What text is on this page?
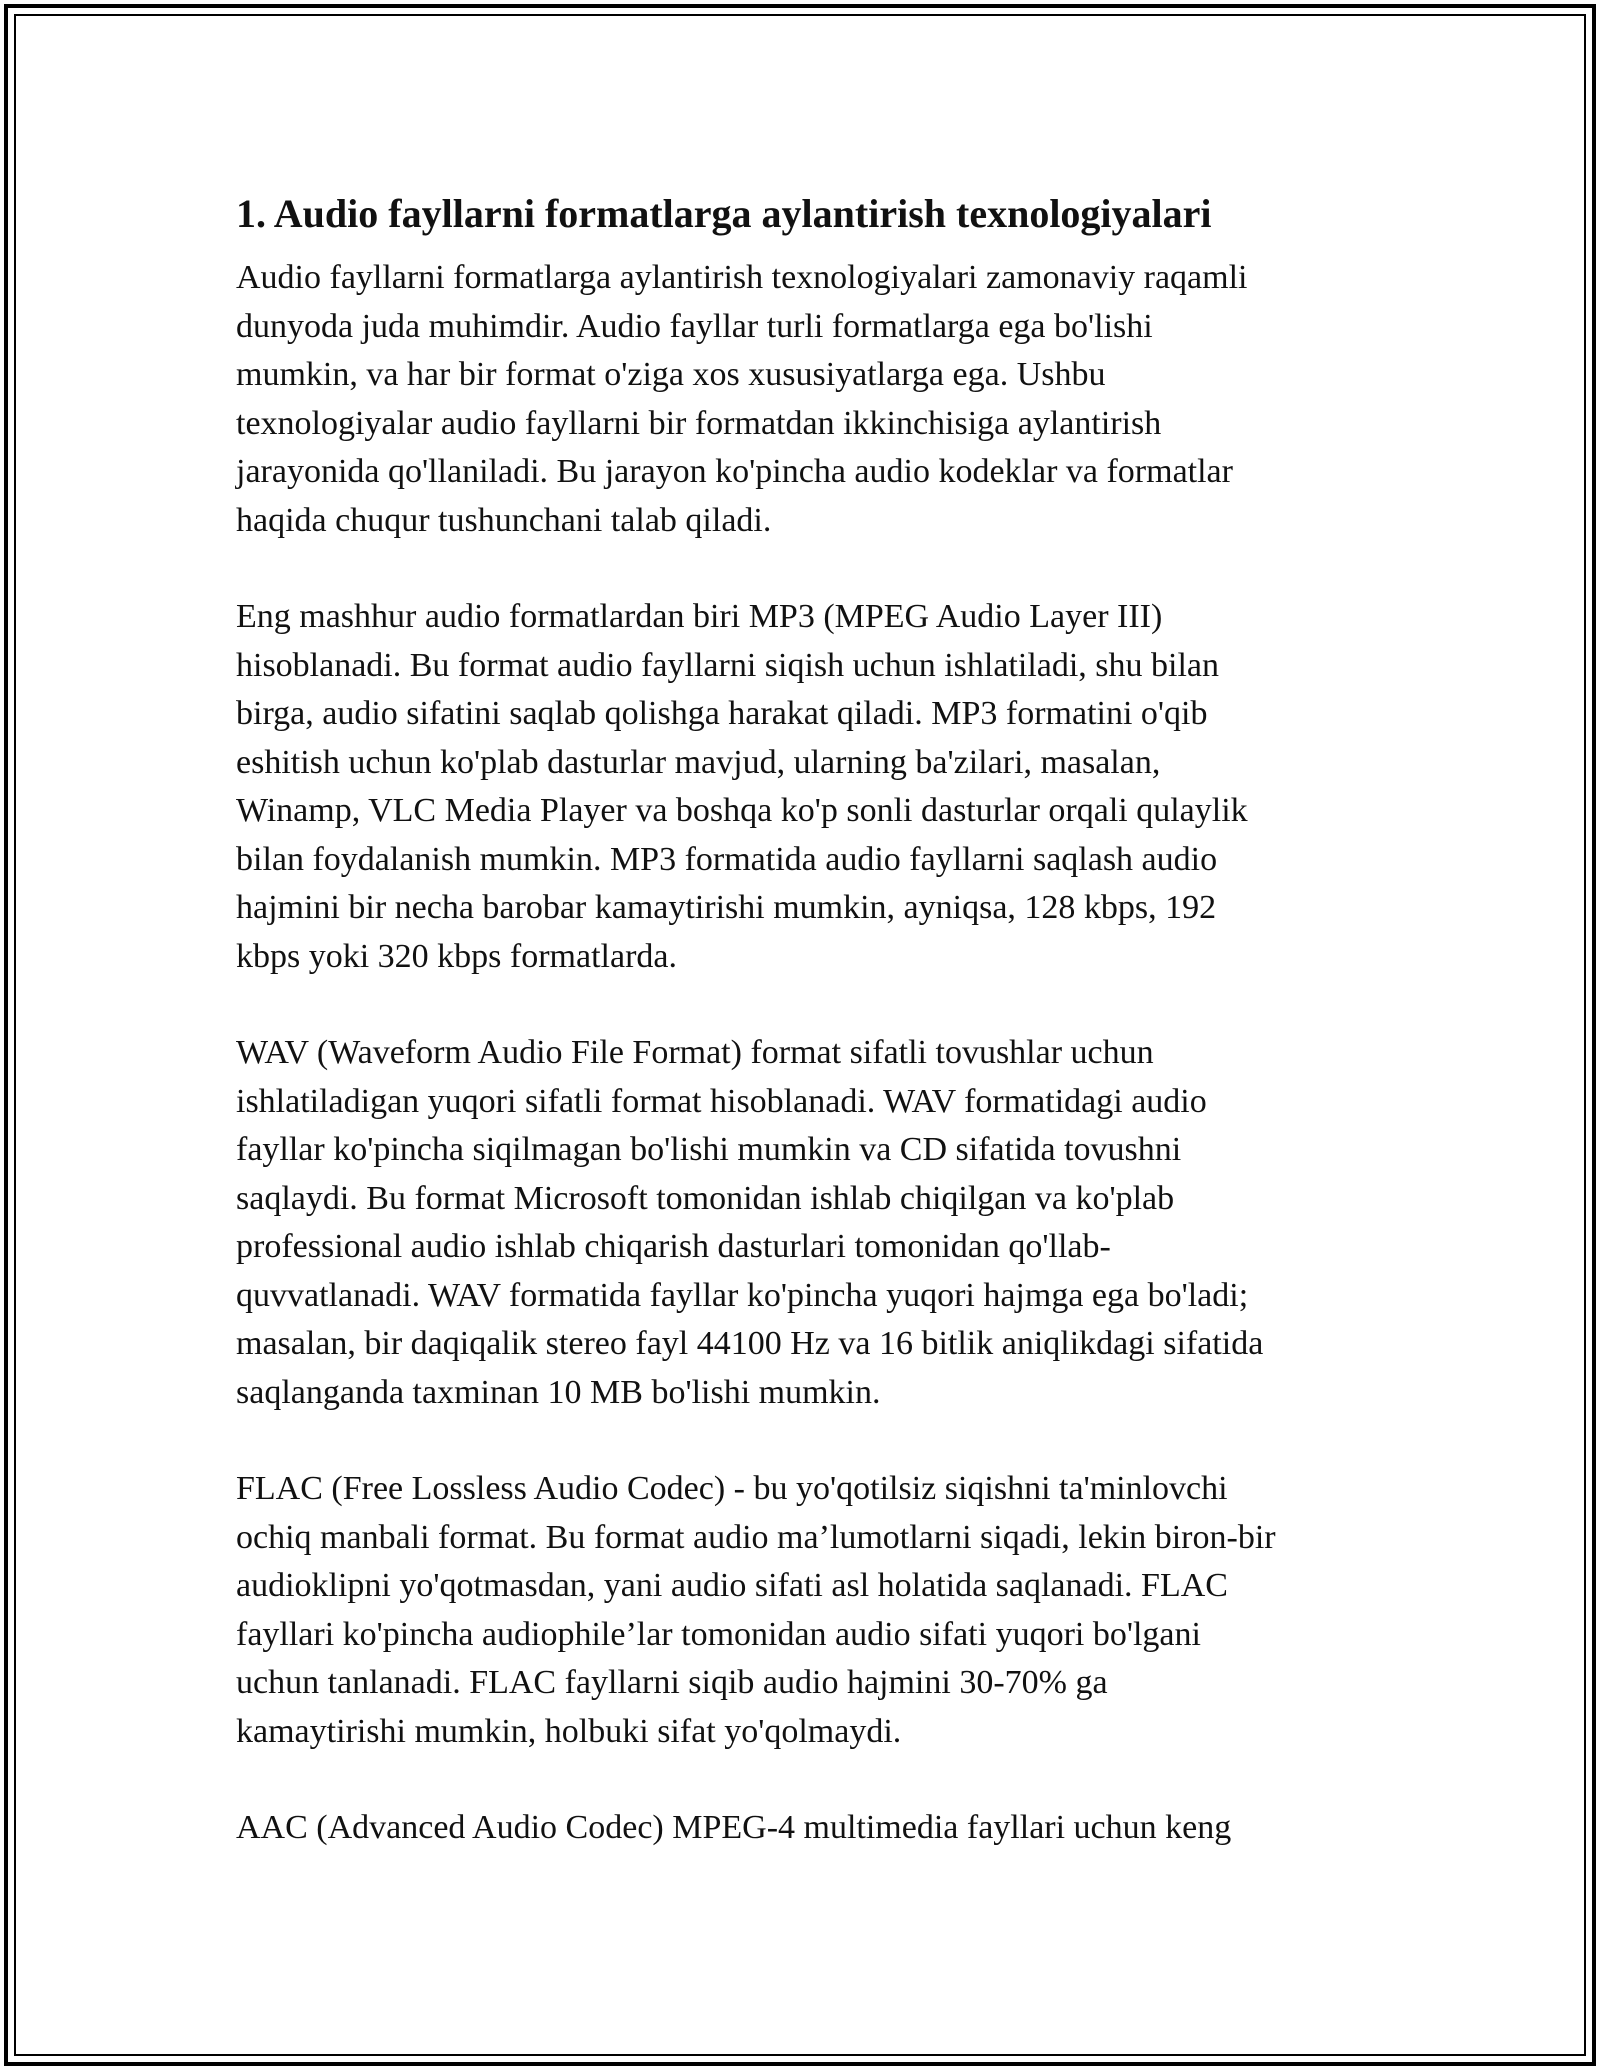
1. Audio fayllarni formatlarga aylantirish texnologiyalari

Audio fayllarni formatlarga aylantirish texnologiyalari zamonaviy raqamli
dunyoda juda muhimdir. Audio fayllar turli formatlarga ega bo'lishi
mumkin, va har bir format o'ziga xos xususiyatlarga ega. Ushbu
texnologiyalar audio fayllarni bir formatdan ikkinchisiga aylantirish
jarayonida qo'llaniladi. Bu jarayon ko'pincha audio kodeklar va formatlar
haqida chuqur tushunchani talab qiladi.

Eng mashhur audio formatlardan biri MP3 (MPEG Audio Layer III)
hisoblanadi. Bu format audio fayllarni siqish uchun ishlatiladi, shu bilan
birga, audio sifatini saqlab qolishga harakat qiladi. MP3 formatini o'qib
eshitish uchun ko'plab dasturlar mavjud, ularning ba'zilari, masalan,
Winamp, VLC Media Player va boshqa ko'p sonli dasturlar orqali qulaylik
bilan foydalanish mumkin. MP3 formatida audio fayllarni saqlash audio
hajmini bir necha barobar kamaytirishi mumkin, ayniqsa, 128 kbps, 192
kbps yoki 320 kbps formatlarda.

WAV (Waveform Audio File Format) format sifatli tovushlar uchun
ishlatiladigan yuqori sifatli format hisoblanadi. WAV formatidagi audio
fayllar ko'pincha siqilmagan bo'lishi mumkin va CD sifatida tovushni
saqlaydi. Bu format Microsoft tomonidan ishlab chiqilgan va ko'plab
professional audio ishlab chiqarish dasturlari tomonidan qo'llab-
quvvatlanadi. WAV formatida fayllar ko'pincha yuqori hajmga ega bo'ladi;
masalan, bir daqiqalik stereo fayl 44100 Hz va 16 bitlik aniqlikdagi sifatida
saqlanganda taxminan 10 MB bo'lishi mumkin.

FLAC (Free Lossless Audio Codec) - bu yo'qotilsiz siqishni ta'minlovchi
ochiq manbali format. Bu format audio ma’lumotlarni siqadi, lekin biron-bir
audioklipni yo'qotmasdan, yani audio sifati asl holatida saqlanadi. FLAC
fayllari ko'pincha audiophile’lar tomonidan audio sifati yuqori bo'lgani
uchun tanlanadi. FLAC fayllarni siqib audio hajmini 30-70% ga
kamaytirishi mumkin, holbuki sifat yo'qolmaydi.

AAC (Advanced Audio Codec) MPEG-4 multimedia fayllari uchun keng
